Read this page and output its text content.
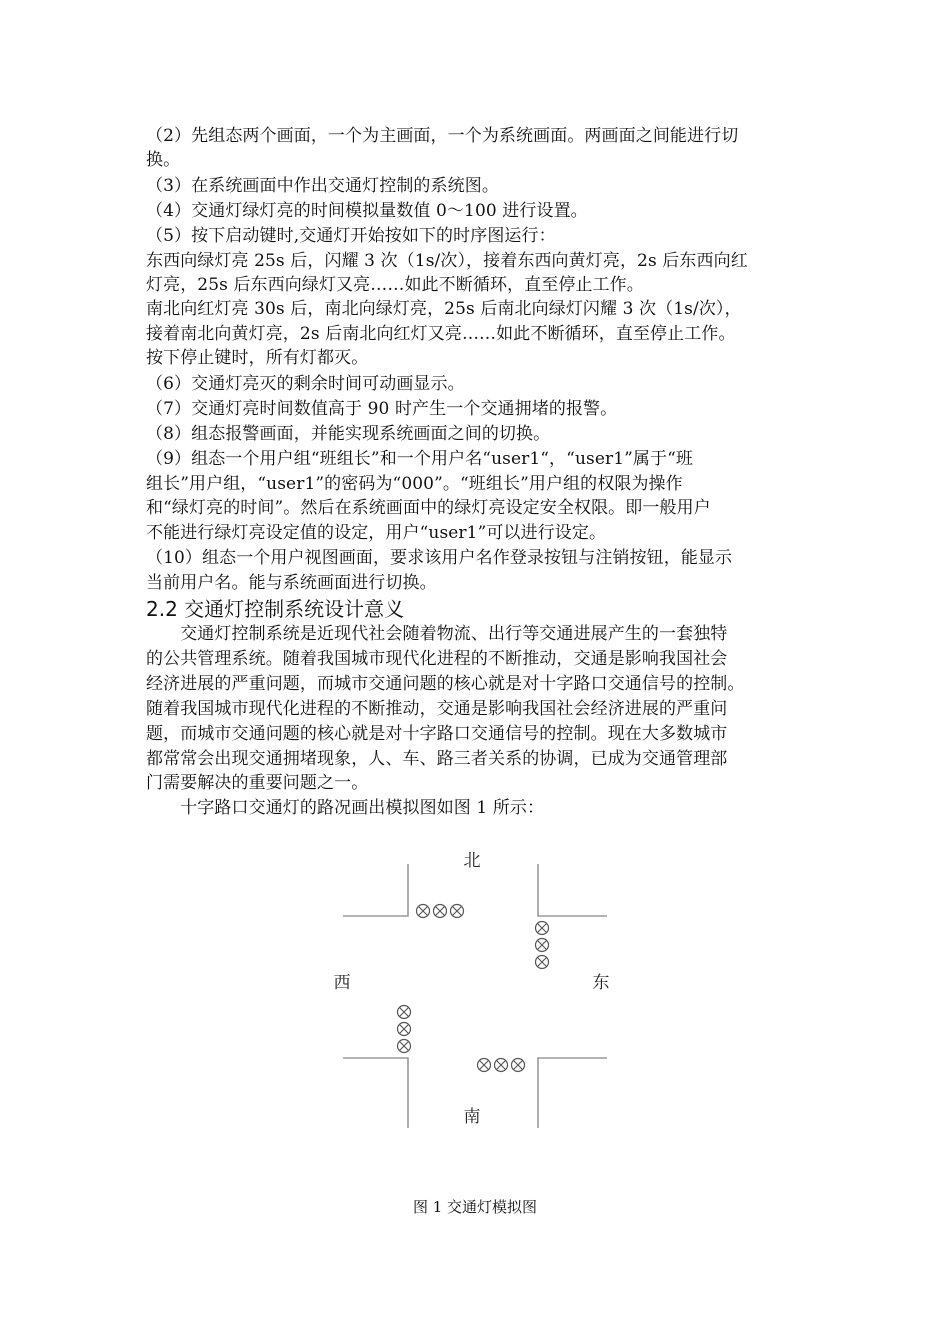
（2）先组态两个画面，一个为主画面，一个为系统画面。两画面之间能进行切
换。
（3）在系统画面中作出交通灯控制的系统图。
（4）交通灯绿灯亮的时间模拟量数值 0～100 进行设置。
（5）按下启动键时,交通灯开始按如下的时序图运行：
东西向绿灯亮 25s 后，闪耀 3 次（1s/次），接着东西向黄灯亮，2s 后东西向红
灯亮，25s 后东西向绿灯又亮……如此不断循环，直至停止工作。
南北向红灯亮 30s 后，南北向绿灯亮，25s 后南北向绿灯闪耀 3 次（1s/次），
接着南北向黄灯亮，2s 后南北向红灯又亮……如此不断循环，直至停止工作。
按下停止键时，所有灯都灭。
（6）交通灯亮灭的剩余时间可动画显示。
（7）交通灯亮时间数值高于 90 时产生一个交通拥堵的报警。
（8）组态报警画面，并能实现系统画面之间的切换。
（9）组态一个用户组“班组长”和一个用户名“user1“，“user1”属于“班
组长”用户组，“user1”的密码为“000”。“班组长”用户组的权限为操作
和“绿灯亮的时间”。然后在系统画面中的绿灯亮设定安全权限。即一般用户
不能进行绿灯亮设定值的设定，用户“user1”可以进行设定。
（10）组态一个用户视图画面，要求该用户名作登录按钮与注销按钮，能显示
当前用户名。能与系统画面进行切换。
2.2 交通灯控制系统设计意义
　　交通灯控制系统是近现代社会随着物流、出行等交通进展产生的一套独特
的公共管理系统。随着我国城市现代化进程的不断推动，交通是影响我国社会
经济进展的严重问题，而城市交通问题的核心就是对十字路口交通信号的控制。
随着我国城市现代化进程的不断推动，交通是影响我国社会经济进展的严重问
题，而城市交通问题的核心就是对十字路口交通信号的控制。现在大多数城市
都常常会出现交通拥堵现象，人、车、路三者关系的协调，已成为交通管理部
门需要解决的重要问题之一。
　　十字路口交通灯的路况画出模拟图如图 1 所示：
北
南
西	东
图 1 交通灯模拟图
